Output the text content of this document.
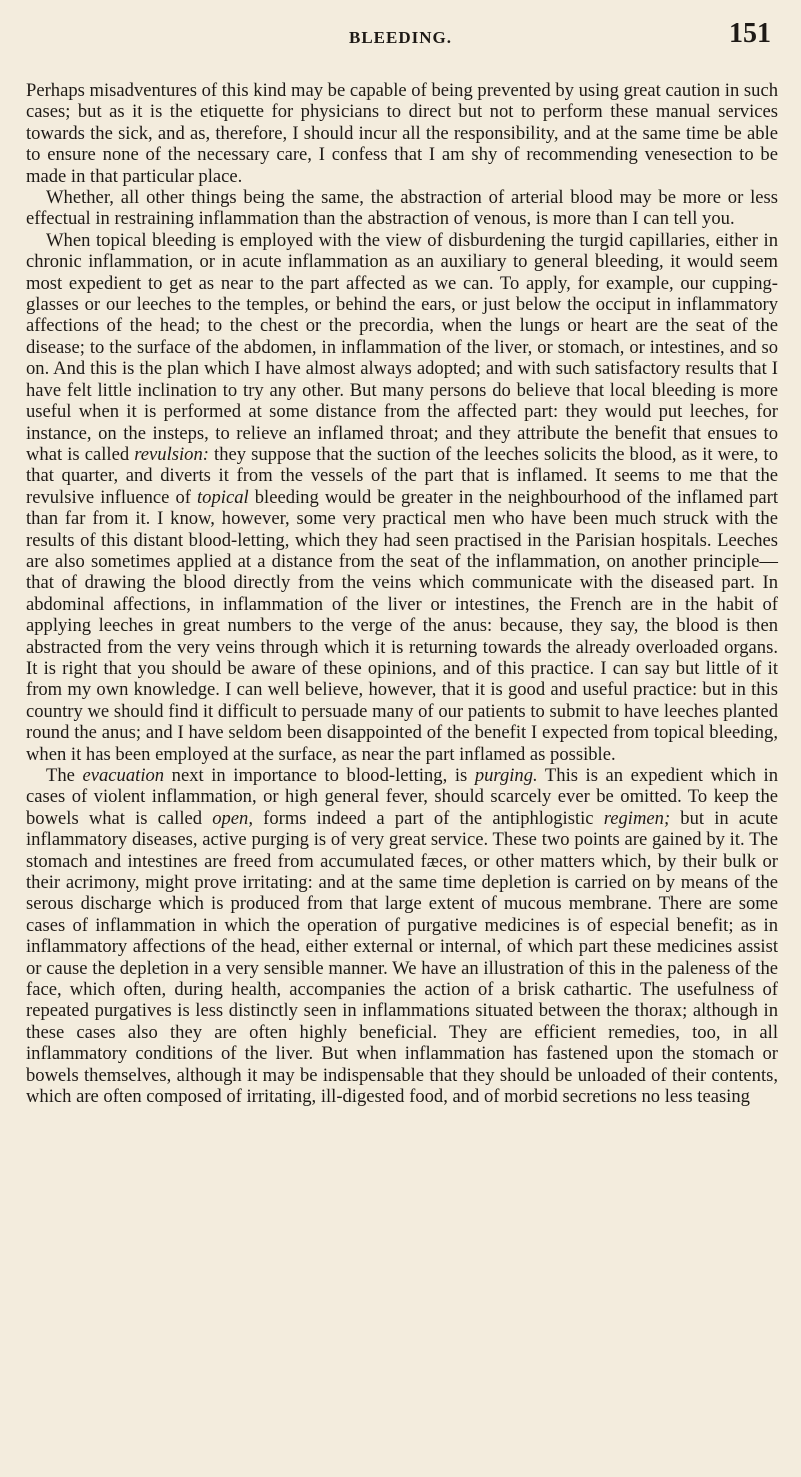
BLEEDING.	151

Perhaps misadventures of this kind may be capable of being prevented by using great caution in such cases; but as it is the etiquette for physicians to direct but not to perform these manual services towards the sick, and as, therefore, I should incur all the responsibility, and at the same time be able to ensure none of the necessary care, I confess that I am shy of recommending venesection to be made in that particular place.

Whether, all other things being the same, the abstraction of arterial blood may be more or less effectual in restraining inflammation than the abstraction of venous, is more than I can tell you.

When topical bleeding is employed with the view of disburdening the turgid capillaries, either in chronic inflammation, or in acute inflammation as an auxiliary to general bleeding, it would seem most expedient to get as near to the part affected as we can. To apply, for example, our cupping-glasses or our leeches to the temples, or behind the ears, or just below the occiput in inflammatory affections of the head; to the chest or the precordia, when the lungs or heart are the seat of the disease; to the surface of the abdomen, in inflammation of the liver, or stomach, or intestines, and so on. And this is the plan which I have almost always adopted; and with such satisfactory results that I have felt little inclination to try any other. But many persons do believe that local bleeding is more useful when it is performed at some distance from the affected part: they would put leeches, for instance, on the insteps, to relieve an inflamed throat; and they attribute the benefit that ensues to what is called revulsion: they suppose that the suction of the leeches solicits the blood, as it were, to that quarter, and diverts it from the vessels of the part that is inflamed. It seems to me that the revulsive influence of topical bleeding would be greater in the neighbourhood of the inflamed part than far from it. I know, however, some very practical men who have been much struck with the results of this distant blood-letting, which they had seen practised in the Parisian hospitals. Leeches are also sometimes applied at a distance from the seat of the inflammation, on another principle—that of drawing the blood directly from the veins which communicate with the diseased part. In abdominal affections, in inflammation of the liver or intestines, the French are in the habit of applying leeches in great numbers to the verge of the anus: because, they say, the blood is then abstracted from the very veins through which it is returning towards the already overloaded organs. It is right that you should be aware of these opinions, and of this practice. I can say but little of it from my own knowledge. I can well believe, however, that it is good and useful practice: but in this country we should find it difficult to persuade many of our patients to submit to have leeches planted round the anus; and I have seldom been disappointed of the benefit I expected from topical bleeding, when it has been employed at the surface, as near the part inflamed as possible.

The evacuation next in importance to blood-letting, is purging. This is an expedient which in cases of violent inflammation, or high general fever, should scarcely ever be omitted. To keep the bowels what is called open, forms indeed a part of the antiphlogistic regimen; but in acute inflammatory diseases, active purging is of very great service. These two points are gained by it. The stomach and intestines are freed from accumulated fæces, or other matters which, by their bulk or their acrimony, might prove irritating: and at the same time depletion is carried on by means of the serous discharge which is produced from that large extent of mucous membrane. There are some cases of inflammation in which the operation of purgative medicines is of especial benefit; as in inflammatory affections of the head, either external or internal, of which part these medicines assist or cause the depletion in a very sensible manner. We have an illustration of this in the paleness of the face, which often, during health, accompanies the action of a brisk cathartic. The usefulness of repeated purgatives is less distinctly seen in inflammations situated between the thorax; although in these cases also they are often highly beneficial. They are efficient remedies, too, in all inflammatory conditions of the liver. But when inflammation has fastened upon the stomach or bowels themselves, although it may be indispensable that they should be unloaded of their contents, which are often composed of irritating, ill-digested food, and of morbid secretions no less teasing
